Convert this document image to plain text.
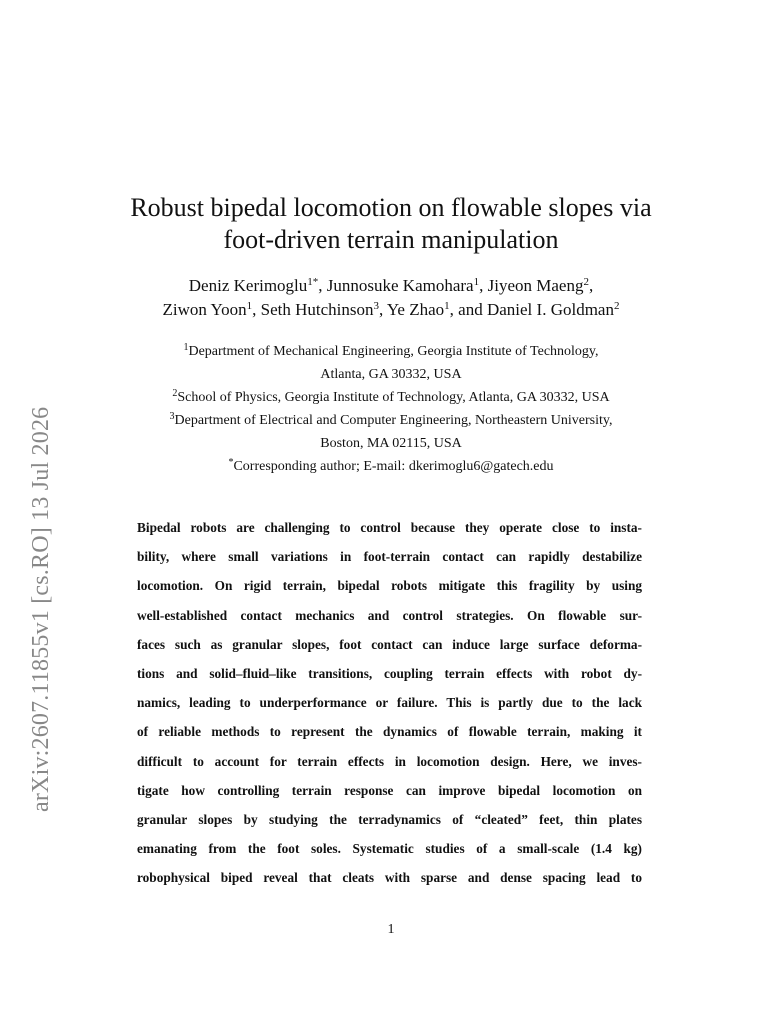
arXiv:2607.11855v1 [cs.RO] 13 Jul 2026
Robust bipedal locomotion on flowable slopes via
foot-driven terrain manipulation
Deniz Kerimoglu$^{1*}$, Junnosuke Kamohara$^1$, Jiyeon Maeng$^2$,
Ziwon Yoon$^1$, Seth Hutchinson$^3$, Ye Zhao$^1$, and Daniel I. Goldman$^2$
$^1$Department of Mechanical Engineering, Georgia Institute of Technology,
Atlanta, GA 30332, USA
$^2$School of Physics, Georgia Institute of Technology, Atlanta, GA 30332, USA
$^3$Department of Electrical and Computer Engineering, Northeastern University,
Boston, MA 02115, USA
*Corresponding author; E-mail: dkerimoglu6@gatech.edu
Bipedal robots are challenging to control because they operate close to insta-
bility, where small variations in foot-terrain contact can rapidly destabilize
locomotion. On rigid terrain, bipedal robots mitigate this fragility by using
well-established contact mechanics and control strategies. On flowable sur-
faces such as granular slopes, foot contact can induce large surface deforma-
tions and solid–fluid–like transitions, coupling terrain effects with robot dy-
namics, leading to underperformance or failure. This is partly due to the lack
of reliable methods to represent the dynamics of flowable terrain, making it
difficult to account for terrain effects in locomotion design. Here, we inves-
tigate how controlling terrain response can improve bipedal locomotion on
granular slopes by studying the terradynamics of “cleated” feet, thin plates
emanating from the foot soles. Systematic studies of a small-scale (1.4 kg)
robophysical biped reveal that cleats with sparse and dense spacing lead to
1
